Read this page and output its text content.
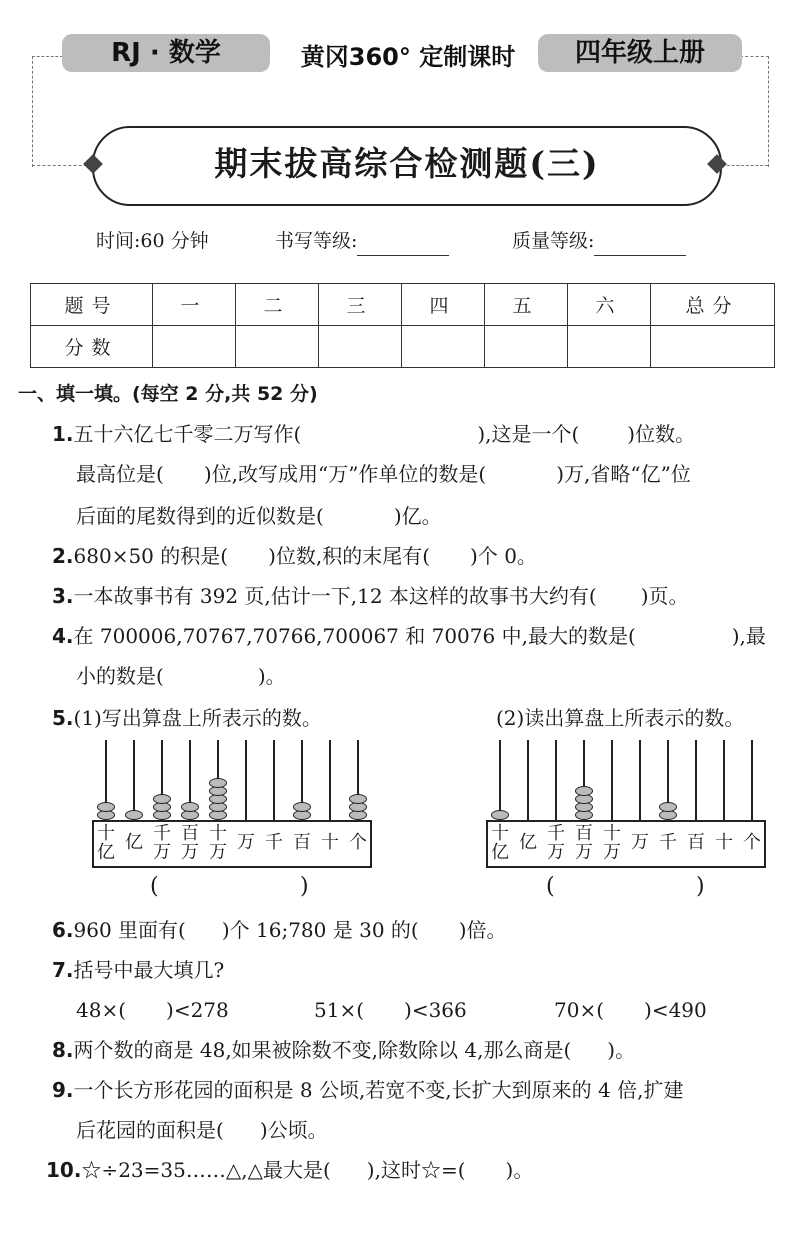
RJ · 数学	黄冈360° 定制课时	四年级上册
期末拔高综合检测题(三)
时间:60 分钟	书写等级:	质量等级:
题号	一	二	三	四	五	六	总分
分数							
一、填一填。(每空 2 分,共 52 分)
1.五十六亿七千零二万写作(	),这是一个( )位数。
最高位是( )位,改写成用“万”作单位的数是(	)万,省略“亿”位
后面的尾数得到的近似数是(	)亿。
2.680×50 的积是( )位数,积的末尾有( )个 0。
3.一本故事书有 392 页,估计一下,12 本这样的故事书大约有( )页。
4.在 700006,70767,70766,700067 和 70076 中,最大的数是(	),最
小的数是(	)。
5.(1)写出算盘上所表示的数。	(2)读出算盘上所表示的数。
十
亿 亿 千
万
百
万
十
万 万 千 百 十 个	十
亿 亿 千
万
百
万
十
万 万 千 百 十 个
(	)	(	)
6.960 里面有( )个 16;780 是 30 的( )倍。
7.括号中最大填几?
48×( )<278	51×( )<366	70×( )<490
8.两个数的商是 48,如果被除数不变,除数除以 4,那么商是( )。
9.一个长方形花园的面积是 8 公顷,若宽不变,长扩大到原来的 4 倍,扩建
后花园的面积是( )公顷。
10.☆÷23=35……△,△最大是( ),这时☆=( )。
